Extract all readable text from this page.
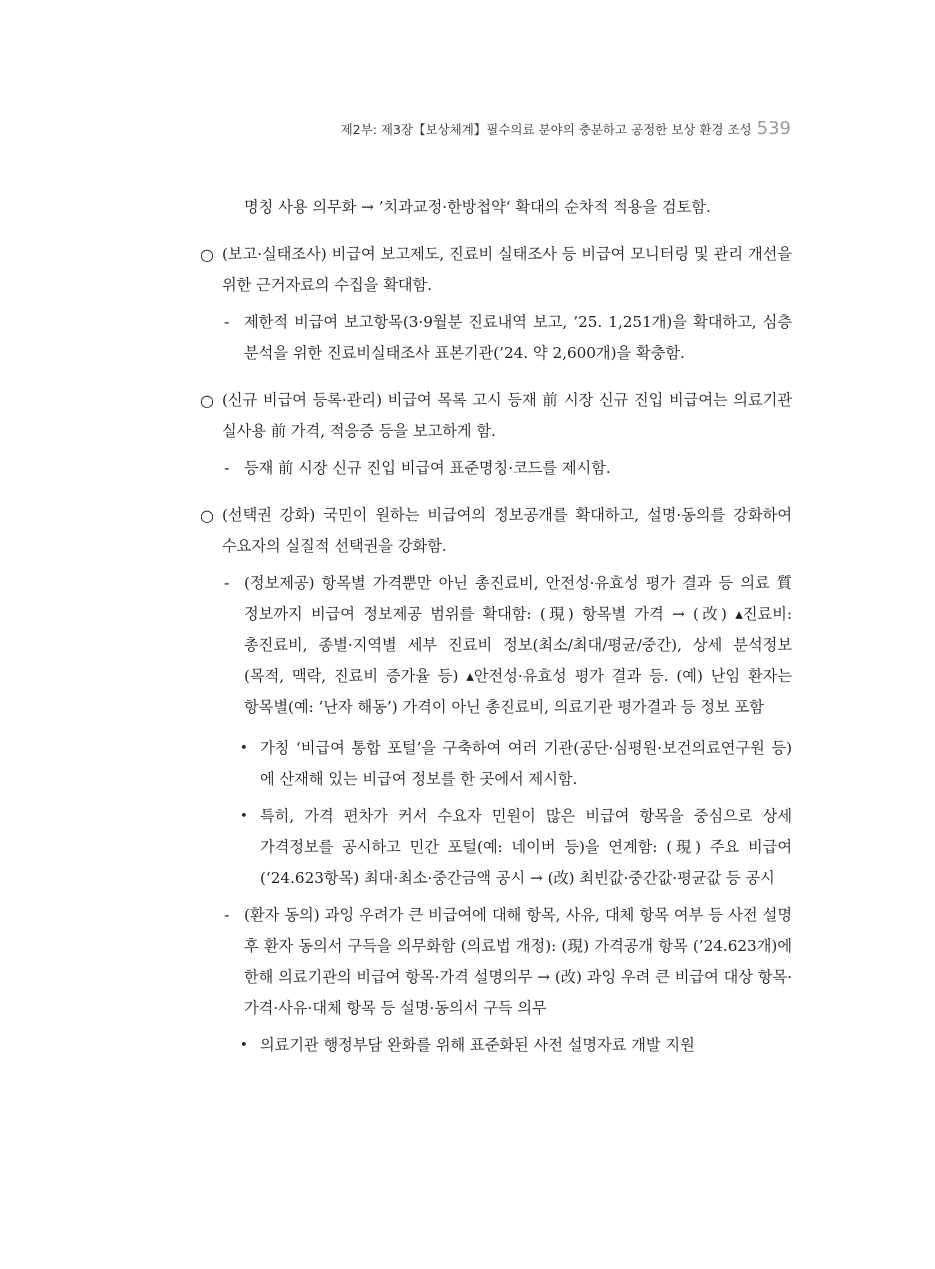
제2부: 제3장【보상체계】필수의료 분야의 충분하고 공정한 보상 환경 조성 539
명칭 사용 의무화 → ’치과교정·한방첩약‘ 확대의 순차적 적용을 검토함.
○ (보고·실태조사) 비급여 보고제도, 진료비 실태조사 등 비급여 모니터링 및 관리 개선을 위한 근거자료의 수집을 확대함.
- 제한적 비급여 보고항목(3·9월분 진료내역 보고, ’25. 1,251개)을 확대하고, 심층 분석을 위한 진료비실태조사 표본기관(’24. 약 2,600개)을 확충함.
○ (신규 비급여 등록·관리) 비급여 목록 고시 등재 前 시장 신규 진입 비급여는 의료기관 실사용 前 가격, 적응증 등을 보고하게 함.
- 등재 前 시장 신규 진입 비급여 표준명칭·코드를 제시함.
○ (선택권 강화) 국민이 원하는 비급여의 정보공개를 확대하고, 설명·동의를 강화하여 수요자의 실질적 선택권을 강화함.
- (정보제공) 항목별 가격뿐만 아닌 총진료비, 안전성·유효성 평가 결과 등 의료 質 정보까지 비급여 정보제공 범위를 확대함: (現) 항목별 가격 → (改) ▴진료비: 총진료비, 종별·지역별 세부 진료비 정보(최소/최대/평균/중간), 상세 분석정보(목적, 맥락, 진료비 증가율 등) ▴안전성·유효성 평가 결과 등. (예) 난임 환자는 항목별(예: ’난자 해동’) 가격이 아닌 총진료비, 의료기관 평가결과 등 정보 포함
• 가칭 ‘비급여 통합 포털’을 구축하여 여러 기관(공단·심평원·보건의료연구원 등)에 산재해 있는 비급여 정보를 한 곳에서 제시함.
• 특히, 가격 편차가 커서 수요자 민원이 많은 비급여 항목을 중심으로 상세 가격정보를 공시하고 민간 포털(예: 네이버 등)을 연계함: (現) 주요 비급여 (‘24.623항목) 최대·최소·중간금액 공시 → (改) 최빈값·중간값·평균값 등 공시
- (환자 동의) 과잉 우려가 큰 비급여에 대해 항목, 사유, 대체 항목 여부 등 사전 설명 후 환자 동의서 구득을 의무화함 (의료법 개정): (現) 가격공개 항목 (’24.623개)에 한해 의료기관의 비급여 항목·가격 설명의무 → (改) 과잉 우려 큰 비급여 대상 항목·가격·사유·대체 항목 등 설명·동의서 구득 의무
• 의료기관 행정부담 완화를 위해 표준화된 사전 설명자료 개발 지원
